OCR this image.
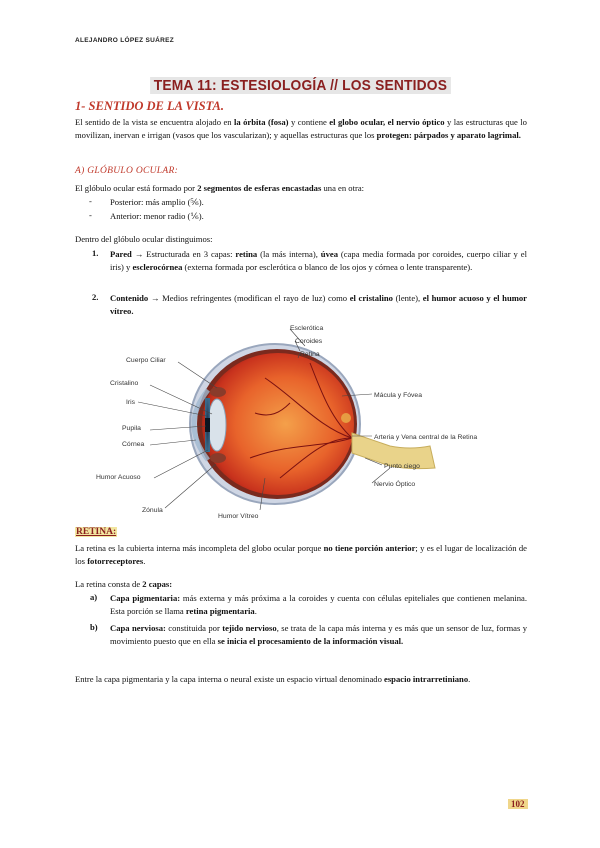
ALEJANDRO LÓPEZ SUÁREZ
TEMA 11: ESTESIOLOGÍA // LOS SENTIDOS
1- SENTIDO DE LA VISTA.
El sentido de la vista se encuentra alojado en la órbita (fosa) y contiene el globo ocular, el nervio óptico y las estructuras que lo movilizan, inervan e irrigan (vasos que los vascularizan); y aquellas estructuras que los protegen: párpados y aparato lagrimal.
A) GLÓBULO OCULAR:
El glóbulo ocular está formado por 2 segmentos de esferas encastadas una en otra:
- Posterior: más amplio (⅚).
- Anterior: menor radio (⅙).
Dentro del glóbulo ocular distinguimos:
1. Pared → Estructurada en 3 capas: retina (la más interna), úvea (capa media formada por coroides, cuerpo ciliar y el iris) y esclerocórnea (externa formada por esclerótica o blanco de los ojos y córnea o lente transparente).
2. Contenido → Medios refringentes (modifican el rayo de luz) como el cristalino (lente), el humor acuoso y el humor vítreo.
Esclerótica
Coroides
Retina
Cuerpo Ciliar
Cristalino
Iris
Pupila
Córnea
Humor Acuoso
Zónula
Humor Vítreo
Mácula y Fóvea
Arteria y Vena central de la Retina
Punto ciego
Nervio Óptico
RETINA:
La retina es la cubierta interna más incompleta del globo ocular porque no tiene porción anterior; y es el lugar de localización de los fotorreceptores.
La retina consta de 2 capas:
a) Capa pigmentaria: más externa y más próxima a la coroides y cuenta con células epiteliales que contienen melanina. Esta porción se llama retina pigmentaria.
b) Capa nerviosa: constituida por tejido nervioso, se trata de la capa más interna y es más que un sensor de luz, formas y movimiento puesto que en ella se inicia el procesamiento de la información visual.
Entre la capa pigmentaria y la capa interna o neural existe un espacio virtual denominado espacio intrarretiniano.
102
